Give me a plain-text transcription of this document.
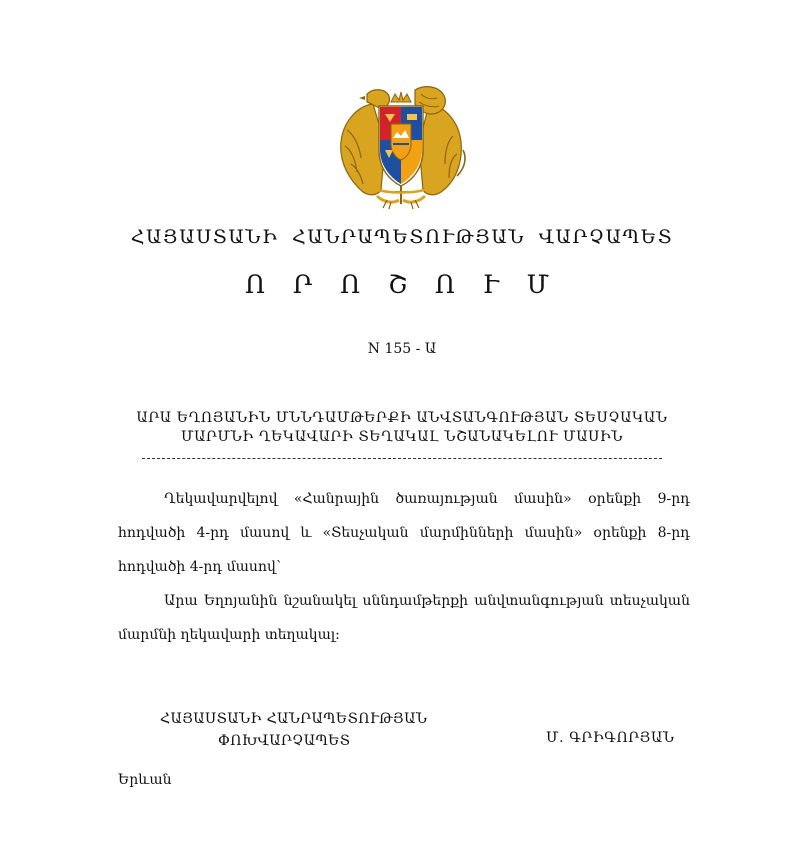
ՀԱՅԱՍՏԱՆԻ ՀԱՆՐԱՊԵՏՈՒԹՅԱՆ ՎԱՐՉԱՊԵՏ
Ո Ր Ո Շ Ո Ւ Մ
N 155 - Ա
ԱՐԱ ԵՂՈՅԱՆԻՆ ՄՆՆԴԱՄԹԵՐՔԻ ԱՆՎՏԱՆԳՈՒԹՅԱՆ ՏԵՍՉԱԿԱՆ
ՄԱՐՄՆԻ ՂԵԿԱՎԱՐԻ ՏԵՂԱԿԱԼ ՆՇԱՆԱԿԵԼՈՒ ՄԱՍԻՆ

Ղեկավարվելով «Հանրային ծառայության մասին» օրենքի 9-րդ հոդվածի 4-րդ մասով և «Տեսչական մարմինների մասին» օրենքի 8-րդ հոդվածի 4-րդ մասով՝

Արա Եղոյանին նշանակել սննդամթերքի անվտանգության տեսչական մարմնի ղեկավարի տեղակալ:

ՀԱՅԱՍՏԱՆԻ ՀԱՆՐԱՊԵՏՈՒԹՅԱՆ
ՓՈԽՎԱՐՉԱՊԵՏ	Մ. ԳՐԻԳՈՐՅԱՆ
Երևան
